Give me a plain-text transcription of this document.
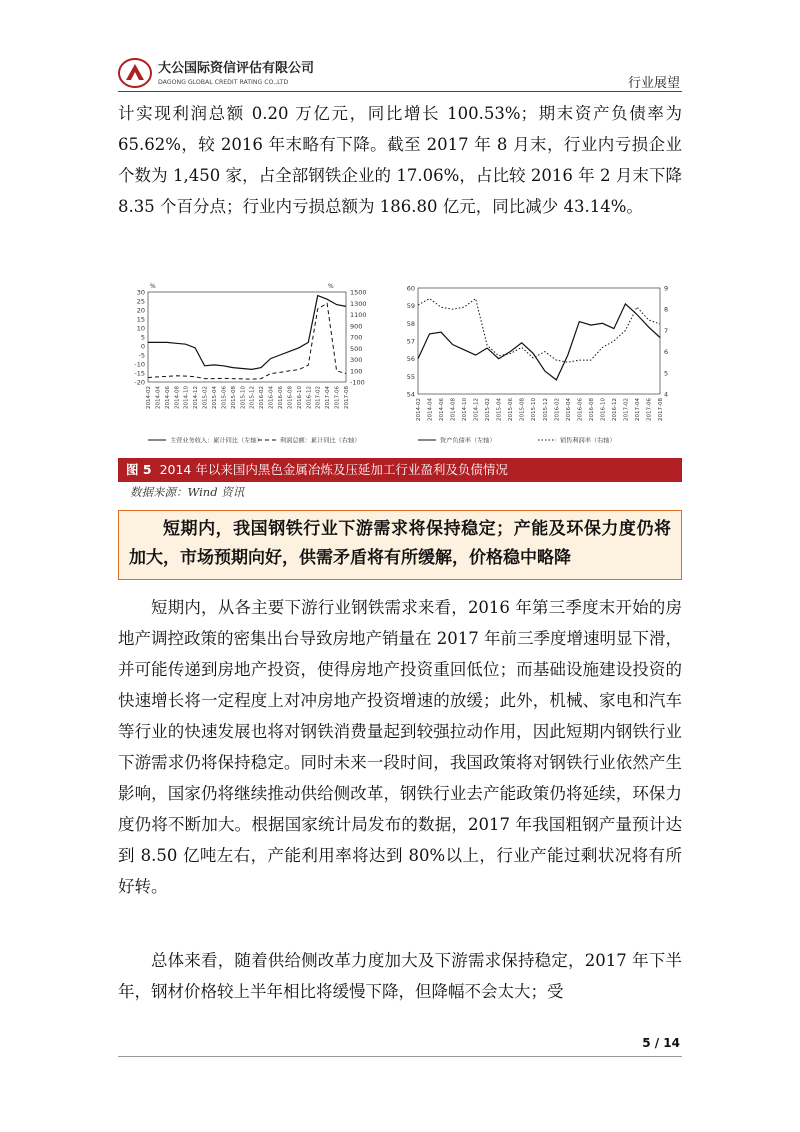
大公国际资信评估有限公司
DAGONG GLOBAL CREDIT RATING CO.,LTD	行业展望

计实现利润总额 0.20 万亿元，同比增长 100.53%；期末资产负债率为 65.62%，较 2016 年末略有下降。截至 2017 年 8 月末，行业内亏损企业个数为 1,450 家，占全部钢铁企业的 17.06%，占比较 2016 年 2 月末下降 8.35 个百分点；行业内亏损总额为 186.80 亿元，同比减少 43.14%。

30
25
20
15
10
5
0
-5
-10
-15
-20
1500
1300
1100
900
700
500
300
100
-100
%	%
2014-02 2014-04 2014-06 2014-08 2014-10 2014-12 2015-02 2015-04 2015-06 2015-08 2015-10 2015-12 2016-02 2016-04 2016-06 2016-08 2016-10 2016-12 2017-02 2017-04 2017-06 2017-08
主营业务收入：累计同比（左轴）	利润总额：累计同比（右轴）
60
59
58
57
56
55
54
9
8
7
6
5
4
2014-02 2014-04 2014-06 2014-08 2014-10 2014-12 2015-02 2015-04 2015-06 2015-08 2015-10 2015-12 2016-02 2016-04 2016-06 2016-08 2016-10 2016-12 2017-02 2017-04 2017-06 2017-08
资产负债率（左轴）	销售利润率（右轴）
图 5 2014 年以来国内黑色金属冶炼及压延加工行业盈利及负债情况
数据来源：Wind 资讯

短期内，我国钢铁行业下游需求将保持稳定；产能及环保力度仍将加大，市场预期向好，供需矛盾将有所缓解，价格稳中略降

短期内，从各主要下游行业钢铁需求来看，2016 年第三季度末开始的房地产调控政策的密集出台导致房地产销量在 2017 年前三季度增速明显下滑，并可能传递到房地产投资，使得房地产投资重回低位；而基础设施建设投资的快速增长将一定程度上对冲房地产投资增速的放缓；此外，机械、家电和汽车等行业的快速发展也将对钢铁消费量起到较强拉动作用，因此短期内钢铁行业下游需求仍将保持稳定。同时未来一段时间，我国政策将对钢铁行业依然产生影响，国家仍将继续推动供给侧改革，钢铁行业去产能政策仍将延续，环保力度仍将不断加大。根据国家统计局发布的数据，2017 年我国粗钢产量预计达到 8.50 亿吨左右，产能利用率将达到 80%以上，行业产能过剩状况将有所好转。

总体来看，随着供给侧改革力度加大及下游需求保持稳定，2017 年下半年，钢材价格较上半年相比将缓慢下降，但降幅不会太大；受

5 / 14
